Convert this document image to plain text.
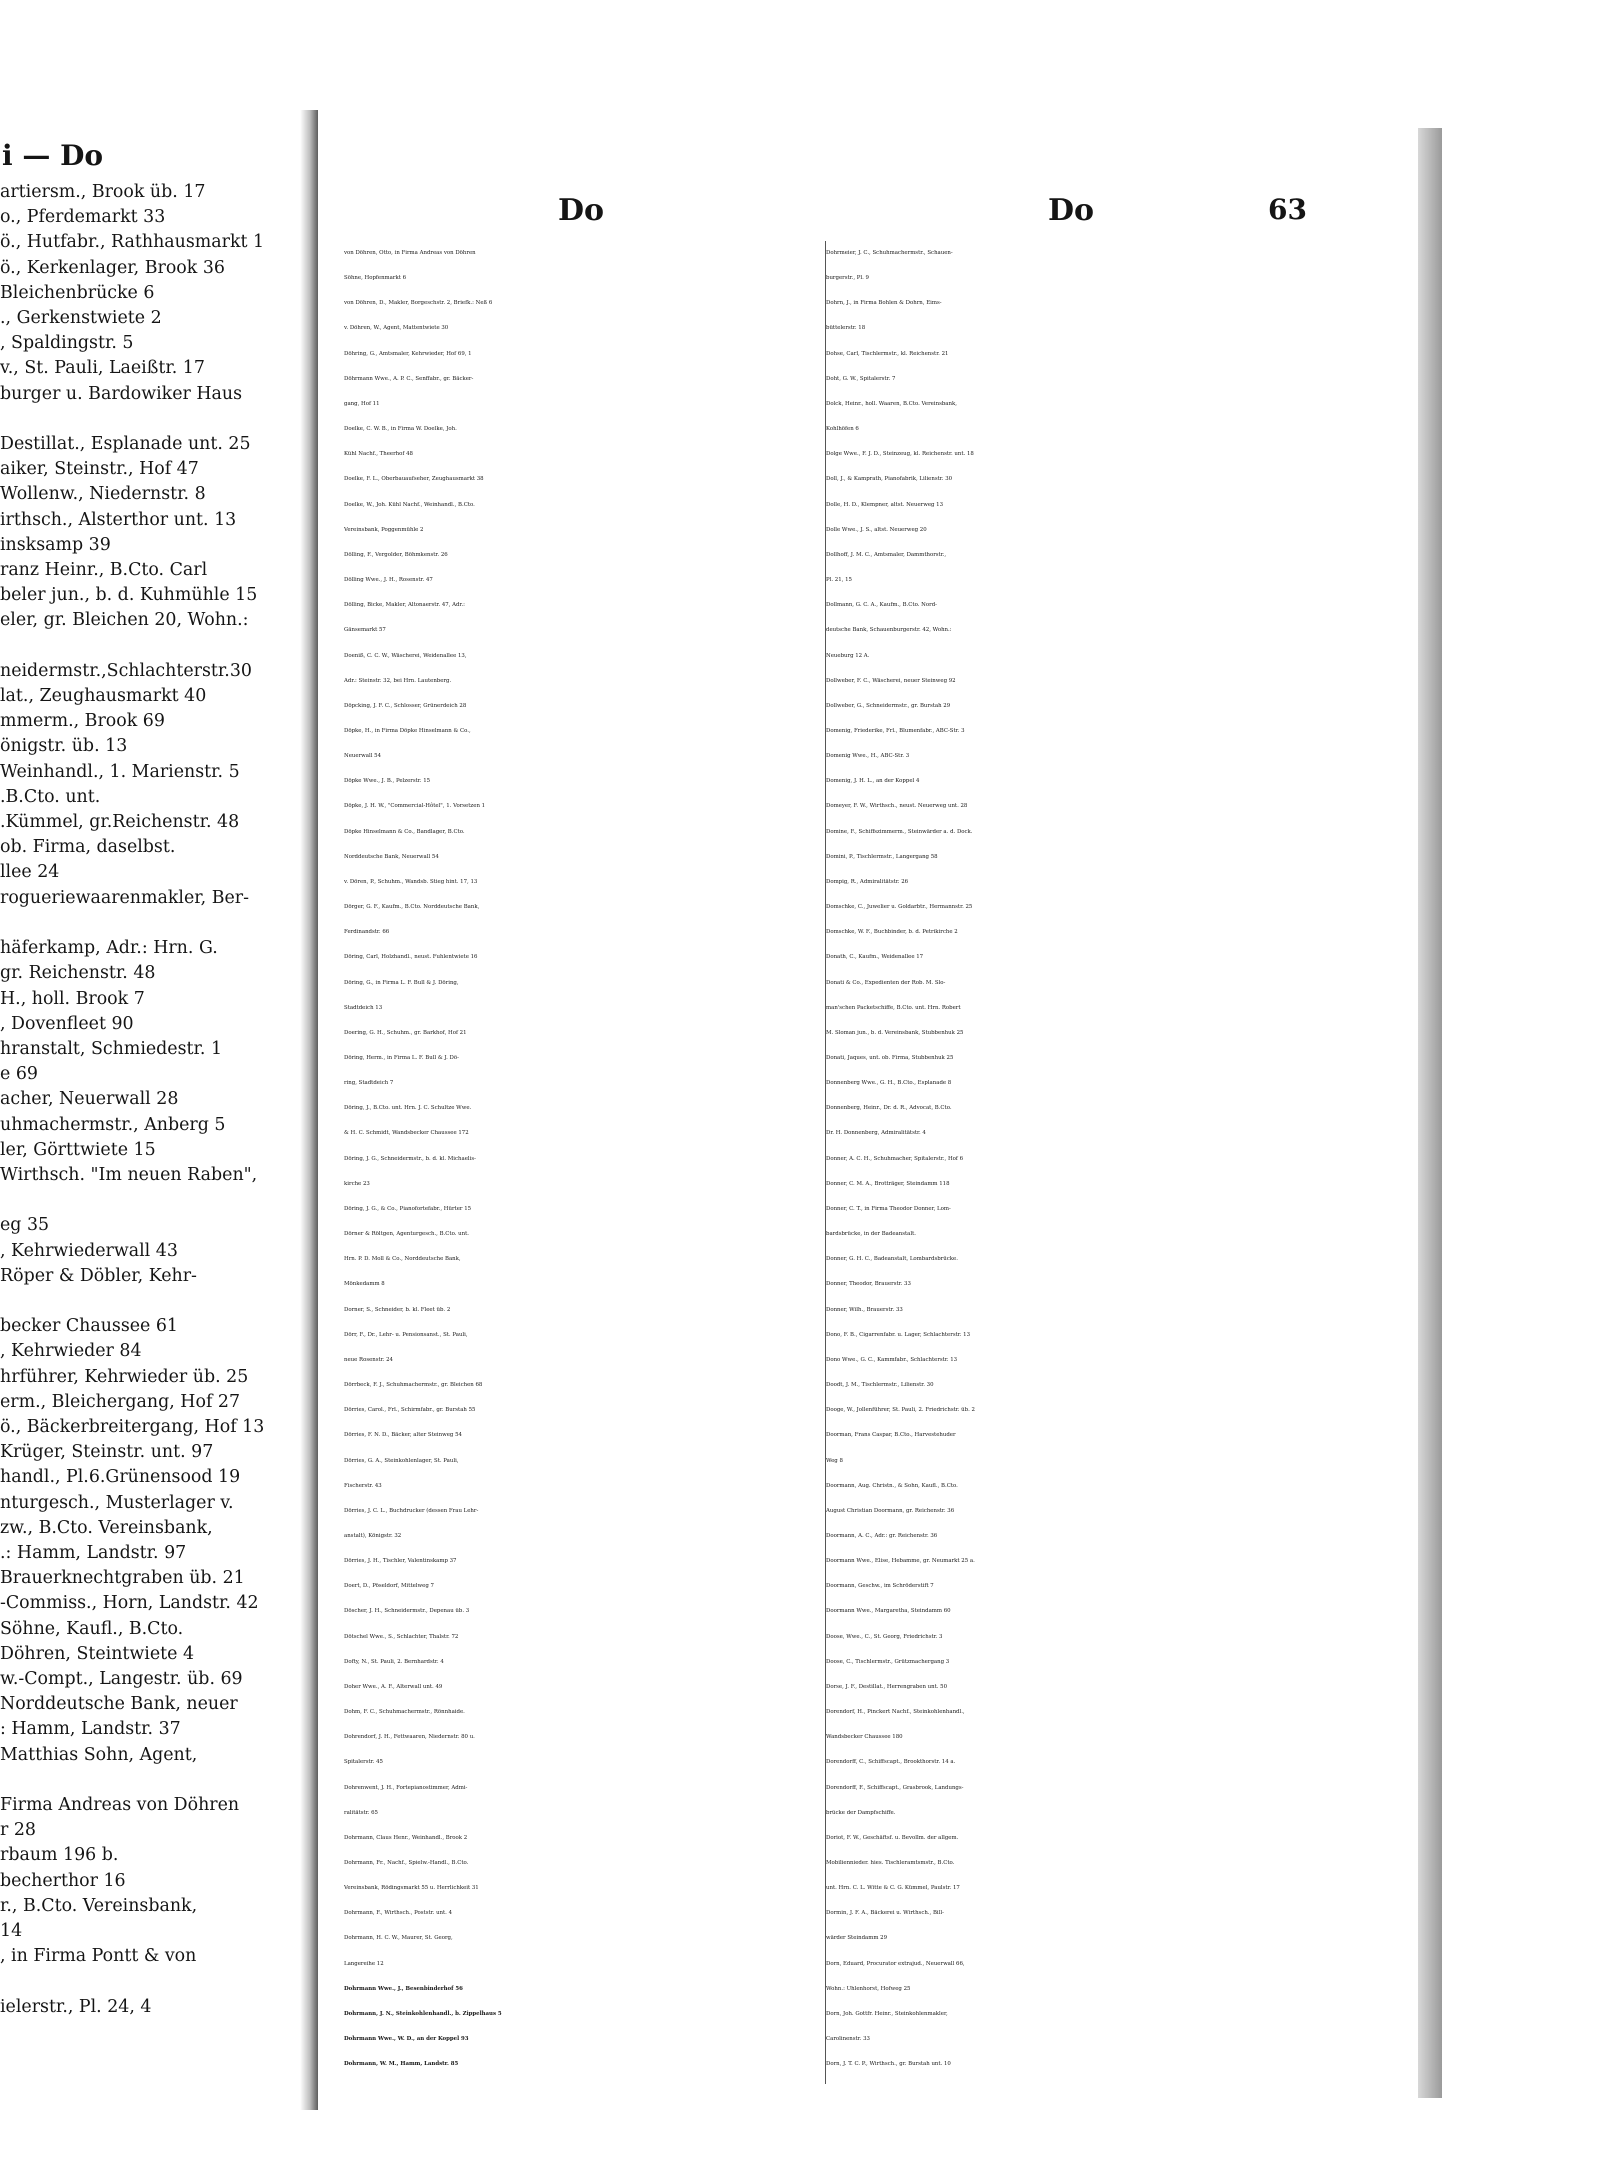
i — Do
artiersm., Brook üb. 17
o., Pferdemarkt 33
ö., Hutfabr., Rathhausmarkt 1
ö., Kerkenlager, Brook 36
Bleichenbrücke 6
., Gerkenstwiete 2
, Spaldingstr. 5
v., St. Pauli, Laeißtr. 17
burger u. Bardowiker Haus

Destillat., Esplanade unt. 25
aiker, Steinstr., Hof 47
Wollenw., Niedernstr. 8
irthsch., Alsterthor unt. 13
insksamp 39
ranz Heinr., B.Cto. Carl
beler jun., b. d. Kuhmühle 15
eler, gr. Bleichen 20, Wohn.:

neidermstr.,Schlachterstr.30
lat., Zeughausmarkt 40
mmerm., Brook 69
önigstr. üb. 13
Weinhandl., 1. Marienstr. 5
.B.Cto. unt.
.Kümmel, gr.Reichenstr. 48
ob. Firma, daselbst.
llee 24
rogueriewaarenmakler, Ber-

häferkamp, Adr.: Hrn. G.
gr. Reichenstr. 48
H., holl. Brook 7
, Dovenfleet 90
hranstalt, Schmiedestr. 1
e 69
acher, Neuerwall 28
uhmachermstr., Anberg 5
ler, Görttwiete 15
Wirthsch. "Im neuen Raben",

eg 35
, Kehrwiederwall 43
Röper & Döbler, Kehr-

becker Chaussee 61
, Kehrwieder 84
hrführer, Kehrwieder üb. 25
erm., Bleichergang, Hof 27
ö., Bäckerbreitergang, Hof 13
Krüger, Steinstr. unt. 97
handl., Pl.6.Grünensood 19
nturgesch., Musterlager v.
zw., B.Cto. Vereinsbank,
.: Hamm, Landstr. 97
Brauerknechtgraben üb. 21
-Commiss., Horn, Landstr. 42
Söhne, Kaufl., B.Cto.
Döhren, Steintwiete 4
w.-Compt., Langestr. üb. 69
Norddeutsche Bank, neuer
: Hamm, Landstr. 37
Matthias Sohn, Agent,

Firma Andreas von Döhren
r 28
rbaum 196 b.
becherthor 16
r., B.Cto. Vereinsbank,
14
, in Firma Pontt & von

ielerstr., Pl. 24, 4
Do	Do	63
von Döhren, Otto, in Firma Andreas von Döhren
Söhne, Hopfenmarkt 6
von Döhren, D., Makler, Borgeschstr. 2, Briefk.: Neß 6
v. Döhren, W., Agent, Mattentwiete 30
Döhring, G., Amtsmaler, Kehrwieder, Hof 69, 1
Döhrmann Wwe., A. P. C., Senffabr., gr. Bäcker-
gang, Hof 11
Doelke, C. W. B., in Firma W. Doelke, Joh.
Kühl Nachf., Theerhof 48
Doelke, F. L., Oberbauaufseher, Zeughausmarkt 38
Doelke, W., Joh. Kühl Nachf., Weinhandl., B.Cto.
Vereinsbank, Poggenmühle 2
Dölling, F., Vergolder, Böhmkenstr. 26
Dölling Wwe., J. H., Rosenstr. 47
Dölling, Bicke, Makler, Altonaerstr. 47, Adr.:
Gänsemarkt 57
Doeniß, C. C. W., Wäscherei, Weidenallee 13,
Adr.: Steinstr. 32, bei Hrn. Lautenberg.
Döpcking, J. F. C., Schlosser, Grünerdeich 28
Döpke, H., in Firma Döpke Hinselmann & Co.,
Neuerwall 54
Döpke Wwe., J. B., Pelzerstr. 15
Döpke, J. H. W., "Commercial-Hôtel", 1. Vorsetzen 1
Döpke Hinselmann & Co., Bandlager, B.Cto.
Norddeutsche Bank, Neuerwall 54
v. Dören, P., Schuhm., Wandsb. Stieg hint. 17, 13
Dörger, G. F., Kaufm., B.Cto. Norddeutsche Bank,
Ferdinandstr. 66
Döring, Carl, Holzhandl., neust. Fuhlentwiete 16
Döring, G., in Firma L. F. Bull & J. Döring,
Stadtdeich 13
Doering, G. H., Schuhm., gr. Barkhof, Hof 21
Döring, Herm., in Firma L. F. Bull & J. Dö-
ring, Stadtdeich 7
Döring, J., B.Cto. unt. Hrn. J. C. Schultze Wwe.
& H. C. Schmidt, Wandsbecker Chaussee 172
Döring, J. G., Schneidermstr., b. d. kl. Michaelis-
kirche 23
Döring, J. G., & Co., Pianofortefabr., Hürter 15
Dörner & Röltgen, Agenturgesch., B.Cto. unt.
Hrn. P. D. Moll & Co., Norddeutsche Bank,
Mönkedamm 8
Dorner, S., Schneider, b. kl. Fleet üb. 2
Dörr, F., Dr., Lehr- u. Pensionsanst., St. Pauli,
neue Rosenstr. 24
Dörrbeck, F. J., Schuhmachermstr., gr. Bleichen 68
Dörries, Carol., Frl., Schirmfabr., gr. Burstah 55
Dörries, F. N. D., Bäcker, alter Steinweg 54
Dörries, G. A., Steinkohlenlager, St. Pauli,
Fischerstr. 43
Dörries, J. C. L., Buchdrucker (dessen Frau Lehr-
anstalt), Königstr. 32
Dörries, J. H., Tischler, Valentinskamp 37
Doert, D., Pöseldorf, Mittelweg 7
Döscher, J. H., Schneidermstr., Depenau üb. 3
Dötschel Wwe., S., Schlachter, Thalstr. 72
Dofty, N., St. Pauli, 2. Bernhardstr. 4
Doher Wwe., A. F., Alterwall unt. 49
Dohm, F. C., Schuhmachermstr., Rönnhaide.
Dohrendorf, J. H., Fettwaaren, Niedernstr. 80 u.
Spitalerstr. 45
Dohrenwent, J. H., Fortepianostimmer, Admi-
ralitätstr. 65
Dohrmann, Claus Henr., Weinhandl., Brook 2
Dohrmann, Fr., Nachf., Spielw.-Handl., B.Cto.
Vereinsbank, Rödingsmarkt 55 u. Herrlichkeit 31
Dohrmann, F., Wirthsch., Poststr. unt. 4
Dohrmann, H. C. W., Maurer, St. Georg,
Langereihe 12
Dohrmann Wwe., J., Besenbinderhof 56
Dohrmann, J. N., Steinkohlenhandl., b. Zippelhaus 5
Dohrmann Wwe., W. D., an der Koppel 93
Dohrmann, W. M., Hamm, Landstr. 85
Dohrmeier, J. C., Schuhmachermstr., Schauen-
burgerstr., Pl. 9
Dohrn, J., in Firma Bohlen & Dohrn, Eims-
büttelerstr. 18
Dohse, Carl, Tischlermstr., kl. Reichenstr. 21
Doht, G. W., Spitalerstr. 7
Dolck, Heinr., holl. Waaren, B.Cto. Vereinsbank,
Kohlhöfen 6
Dolge Wwe., F. J. D., Steinzeug, kl. Reichenstr. unt. 18
Doll, J., & Kamprath, Pianofabrik, Lilienstr. 30
Dolle, H. D., Klempner, altst. Neuerweg 13
Dolle Wwe., J. S., altst. Neuerweg 20
Dollhoff, J. M. C., Amtsmaler, Dammthorstr.,
Pl. 21, 15
Dollmann, G. C. A., Kaufm., B.Cto. Nord-
deutsche Bank, Schauenburgerstr. 42, Wohn.:
Neueburg 12 A.
Dollweber, F. C., Wäscherei, neuer Steinweg 92
Dollweber, G., Schneidermstr., gr. Burstah 29
Domenig, Friederike, Frl., Blumenfabr., ABC-Str. 3
Domenig Wwe., H., ABC-Str. 3
Domenig, J. H. L., an der Koppel 4
Domeyer, F. W., Wirthsch., neust. Neuerweg unt. 28
Domine, F., Schiffszimmerm., Steinwärder a. d. Dock.
Domini, P., Tischlermstr., Langergang 58
Dompig, R., Admiralitätstr. 26
Domschke, C., Juwelier u. Goldarbtr., Hermannstr. 25
Domschke, W. F., Buchbinder, b. d. Petrikirche 2
Donath, C., Kaufm., Weidenallee 17
Donati & Co., Expedienten der Rob. M. Slo-
man'schen Packetschiffe, B.Cto. unt. Hrn. Robert
M. Sloman jun., b. d. Vereinsbank, Stubbenhuk 25
Donati, Jaques, unt. ob. Firma, Stubbenhuk 25
Donnenberg Wwe., G. H., B.Cto., Esplanade 8
Donnenberg, Heinr., Dr. d. R., Advocat, B.Cto.
Dr. H. Donnenberg, Admiralitätstr. 4
Donner, A. C. H., Schuhmacher, Spitalerstr., Hof 6
Donner, C. M. A., Brotträger, Steindamm 118
Donner, C. T., in Firma Theodor Donner, Lom-
bardsbrücke, in der Badeanstalt.
Donner, G. H. C., Badeanstalt, Lombardsbrücke.
Donner, Theodor, Brauerstr. 33
Donner, Wilh., Brauerstr. 33
Dono, F. B., Cigarrenfabr. u. Lager, Schlachterstr. 13
Dono Wwe., G. C., Kammfabr., Schlachterstr. 13
Doodt, J. M., Tischlermstr., Lilienstr. 30
Dooge, W., Jollenführer, St. Pauli, 2. Friedrichstr. üb. 2
Doorman, Frans Caspar, B.Cto., Harvestehuder
Weg 8
Doormann, Aug. Christn., & Sohn, Kaufl., B.Cto.
August Christian Doormann, gr. Reichenstr. 36
Doormann, A. C., Adr.: gr. Reichenstr. 36
Doormann Wwe., Elise, Hebamme, gr. Neumarkt 25 a.
Doormann, Geschw., im Schröderstift 7
Doormann Wwe., Margaretha, Steindamm 60
Doose, Wwe., C., St. Georg, Friedrichstr. 3
Doose, C., Tischlermstr., Grützmachergang 3
Dorse, J. F., Destillat., Herrengraben unt. 50
Dorendorf, H., Pinckert Nachf., Steinkohlenhandl.,
Wandsbecker Chaussee 180
Dorendorff, C., Schiffscapt., Brookthorstr. 14 a.
Dorendorff, F., Schiffscapt., Grasbrook, Landungs-
brücke der Dampfschiffe.
Doriot, F. W., Geschäftsf. u. Bevollm. der allgem.
Mobiliennieder. hies. Tischleramtsmstr., B.Cto.
unt. Hrn. C. L. Witte & C. G. Kümmel, Paulstr. 17
Dormin, J. F. A., Bäckerei u. Wirthsch., Bill-
wärder Steindamm 29
Dorn, Eduard, Procurator extrajud., Neuerwall 66,
Wohn.: Uhlenhorst, Hofweg 25
Dorn, Joh. Gottfr. Heinr., Steinkohlenmakler,
Carolinenstr. 33
Dorn, J. T. C. P., Wirthsch., gr. Burstah unt. 10
